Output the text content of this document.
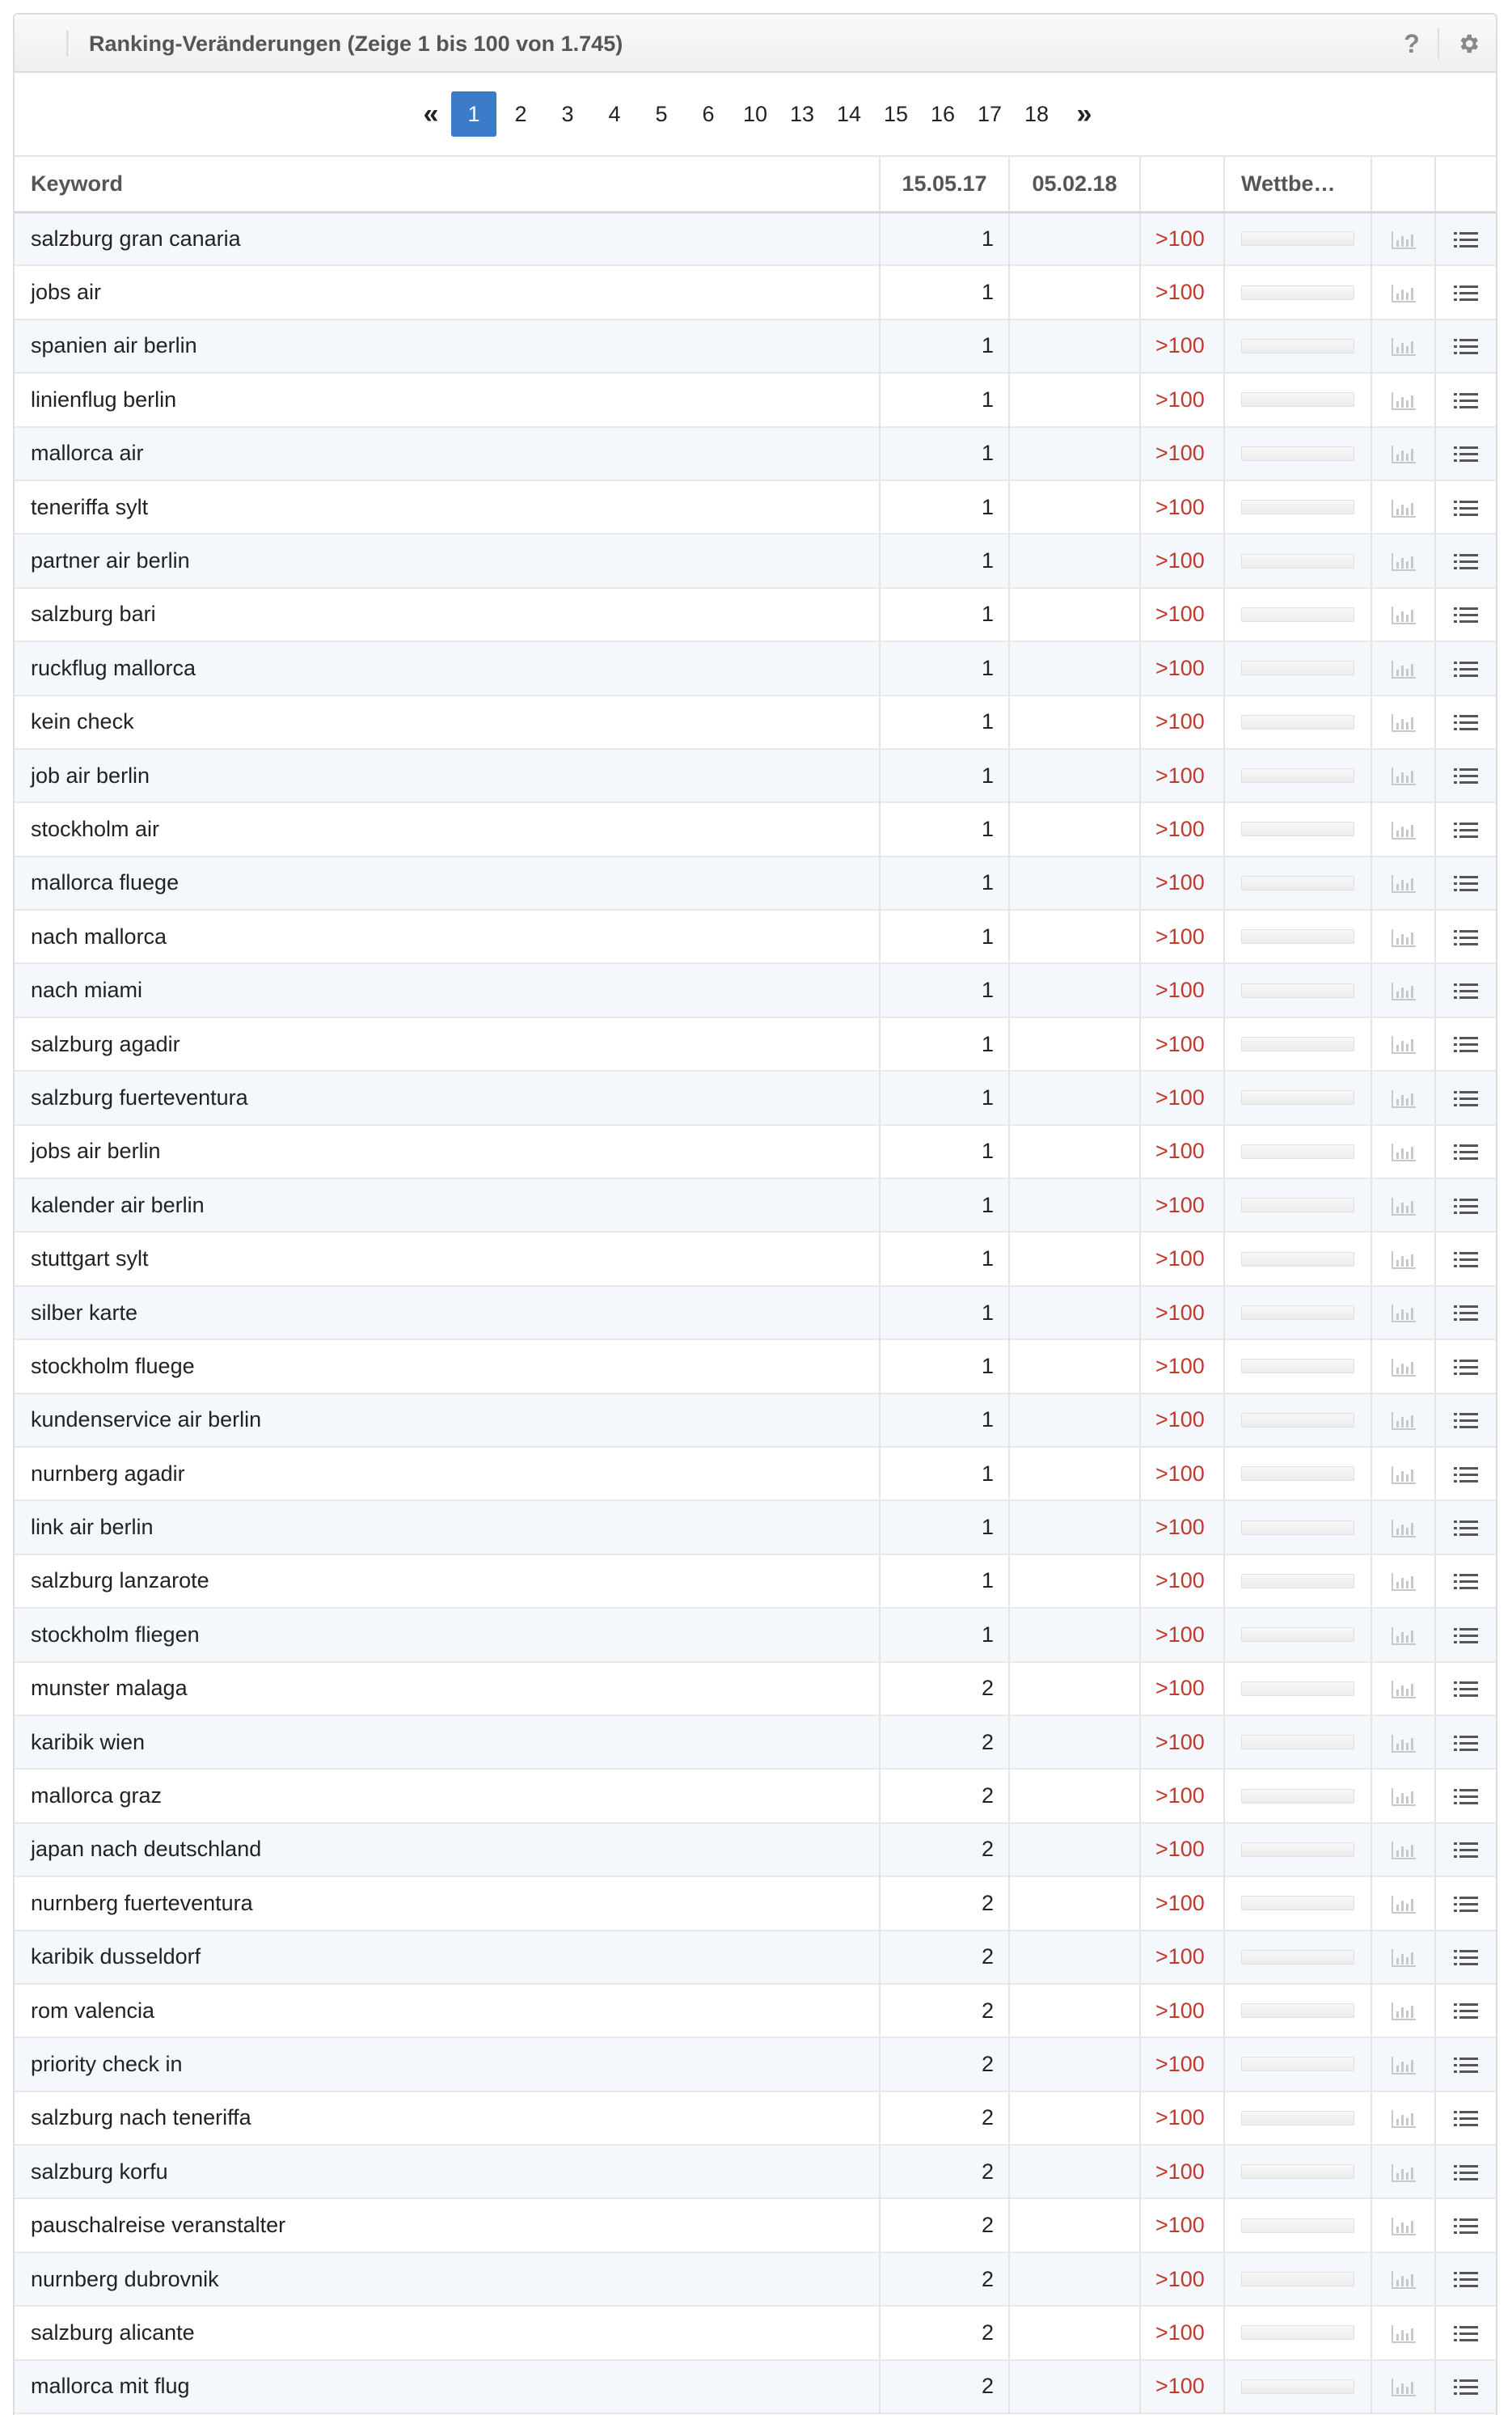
Ranking-Veränderungen (Zeige 1 bis 100 von 1.745)	?
«	1	2	3	4	5	6	10	13	14	15	16	17	18	»
Keyword	15.05.17	05.02.18		Wettbe…		
salzburg gran canaria	1		>100	

jobs air	1		>100	

spanien air berlin	1		>100	

linienflug berlin	1		>100	

mallorca air	1		>100	

teneriffa sylt	1		>100	

partner air berlin	1		>100	

salzburg bari	1		>100	

ruckflug mallorca	1		>100	

kein check	1		>100	

job air berlin	1		>100	

stockholm air	1		>100	

mallorca fluege	1		>100	

nach mallorca	1		>100	

nach miami	1		>100	

salzburg agadir	1		>100	

salzburg fuerteventura	1		>100	

jobs air berlin	1		>100	

kalender air berlin	1		>100	

stuttgart sylt	1		>100	

silber karte	1		>100	

stockholm fluege	1		>100	

kundenservice air berlin	1		>100	

nurnberg agadir	1		>100	

link air berlin	1		>100	

salzburg lanzarote	1		>100	

stockholm fliegen	1		>100	

munster malaga	2		>100	

karibik wien	2		>100	

mallorca graz	2		>100	

japan nach deutschland	2		>100	

nurnberg fuerteventura	2		>100	

karibik dusseldorf	2		>100	

rom valencia	2		>100	

priority check in	2		>100	

salzburg nach teneriffa	2		>100	

salzburg korfu	2		>100	

pauschalreise veranstalter	2		>100	

nurnberg dubrovnik	2		>100	

salzburg alicante	2		>100	

mallorca mit flug	2		>100	
